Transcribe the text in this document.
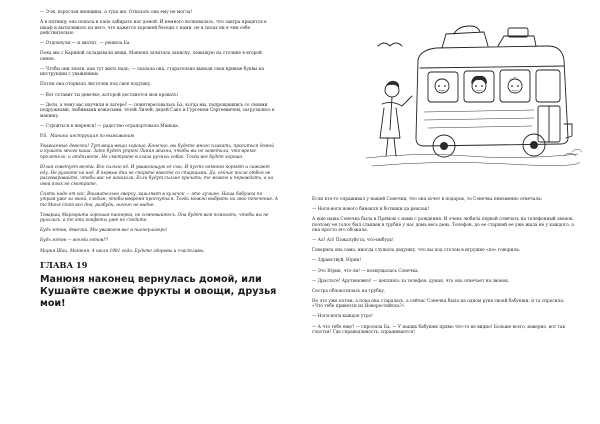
— Э-эх, взрослая женщина, а туда же. Отказать она ему не могла!

А в пятницу она попала к папе забирать нас домой. И немного волновалась, что завтра придется в шкаф и вытаскивать из него, что кажется хорошей беседы с нами, не в силах ни в чем себе действительно

— Отдохнули — и хватит, — решила Ба.

Пока мы с Кариной складывали вещи, Манюня зачитала записку, лежащую на столике в второй смене.

— Чтобы они знали, как тут жить надо, — сказала она, старательно выводя свои кривые буквы на инструкции с уважением.

Потом она оторвала листочек под свое подушку.

— Вот оставит ты девочке, которой достанется моя кровать!

— Дети, а чему вас научили в лагере? — поинтересовалась Ба, когда мы, попрощавшись со своими подружками, любимыми вожатыми, тетей Лилей, дядей Сако и Гургеном Сергеевичем, загрузились в машину.

— Строиться в шеренги! — радостно отрапортовала Манька.

P.S. Манина инструкция по выживанию

Уважаемые девочки! Тут вещи-вещи хорошо. Конечно, вы будете много плакать, проситься домой и кушать много каши. Зато будет утром Линия жизни, чтобы вы не заметили, что время пролетело, и отдохнете. Не смотрите в глаза ручных собак. Тогда все будет хорошо.

Юлия советует везти. Все сильно её. И уважающую её сын. И пусть немного кормят и сажают еду. Не ругайте на неё. В первые дни не спорьте вместе со старшими. Да, сейчас после отбоя не разговаривайте, чтобы вас не наказали. Если будут сильно кричать, то можно и переждать, а на свой язык не смотрите.

Снять надо от кос. Внимательно сверху, кашляют в кулачок — это лучшее. Наша бабушка по утрам уже за мной, следим, чтобы вовремя проснуться. Тогда можно выбрать на свое попечение. А то Маня спит все дни, разбуди, ничего не видно.

Товарищ Маргарита хорошая пионерка, не сомневайтесь. Она будет вам помогать, чтобы вы не ругались, а то эти конфеты уже не съедите.

Будь готов, девочки. Мы уважаем вас в пионерлагерь!

Будь готов — всегда готов!!!

Мария Шац. Манюня. 4 июля 1981 года. Будьте здоровы и счастливы.

ГЛАВА 19
Манюня наконец вернулась домой, или Кушайте свежие фрукты и овощи, друзья мои!

Если кто-то спрашивал у нашей Сонечки, что она хочет в подарок, то Сонечка неизменно отвечала:

— Ноги-ноги нового бинокля и ботинки да рюкзак!

А еще наша Сонечка была в Прямом с нами с рождения. И очень любила первой отвечать на телефонный звонок, поэтому ее голос был слышен в трубке у нас дома весь день. Телефон, до ее старшей ее уже жила не у каждого, а она просто его обожала.

— Ал! Ал! Пожалуйста, что-нибудь!

Говорила она сама, иногда слушала дедушку, что вы под столом в игрушке «пэ» говорила:

— Здравствуй, Юрик!

— Это Юрик, что-ли! — возмущалась Сонечка.

— Драстьте! Арутюнович! — цепляясь за телефон, думая, что она отвечает на звонок.

Сестра облокотилась на трубку.

Но это уже потом, а пока она старалась, а сейчас Сонечка была на одном руке своей бабушки, и та спросила: «Что тебе привезти из Новороссийска?»

— Ноги-ноги каждое утро!

— А что тебе еще? — спросила Ба. — У наших бабушек прямо что-то не видно! Больше всего, наверно, вот так счастья! Где справедливость, спрашивается!
